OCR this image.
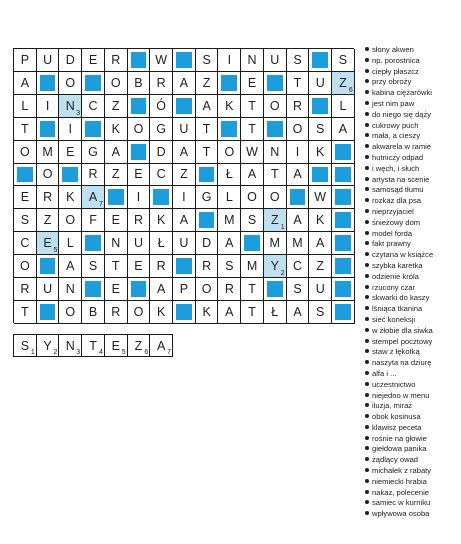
P U D E R	W	S I N U S	S
A	O	O B R A Z	E	T U Z
6
L I N
3
C Z	Ó	A K T O R	L
T	I	K O G U T	T	O S A
O M E G A	D A T O W N I K
O	R Z E C Z	Ł A T A
E R K A
7
I	I G L O O	W
S Z O F E R K A	M S Z
1
A K
C E
5
L	N U Ł U D A	M M A
O	A S T E R	R S M Y
2
C Z
R U N	E	A P O R T	S U
T	O B R O K	K A T Ł A S
S 1 Y 2 N 3 T 4 E 5 Z 6 A 7
słony akwen
np. porostnica
ciepły płaszcz
przy obroży
kabina ciężarówki
jest nim paw
do niego się dąży
cukrowy puch
mała, a cieszy
akwarela w ramie
hutniczy odpad
i węch, i słuch
artysta na scenie
samosąd tłumu
rozkaz dla psa
nieprzyjaciel
śnieżowy dom
model forda
fakt prawny
czytana w książce
szybka karetka
odzienie króla
rzucony czar
skwarki do kaszy
lśniąca tkanina
sieć koneksji
w żłobie dla siwka
stempel pocztowy
staw z łękotką
naszyta na dziurę
alfa i ...
uczestnictwo
niejedno w menu
iluzja, miraż
obok kosinusa
klawisz peceta
rośnie na głowie
giełdowa panika
żądlący owad
michałek z rabaty
niemiecki hrabia
nakaz, polecenie
samiec w kurniku
wpływowa osoba
